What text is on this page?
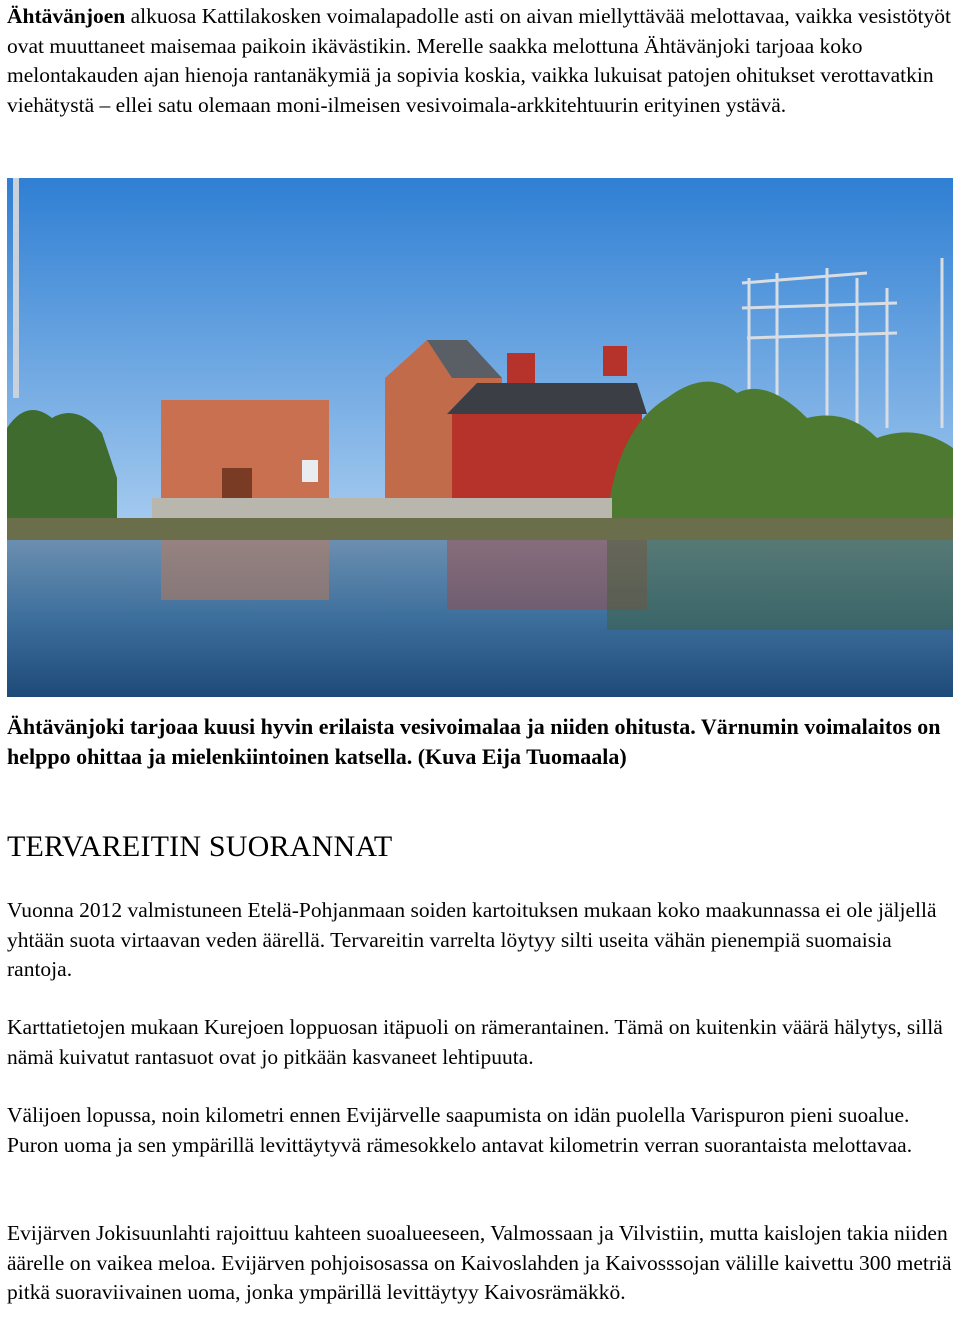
Ähtävänjoen alkuosa Kattilakosken voimalapadolle asti on aivan miellyttävää melottavaa, vaikka vesistötyöt ovat muuttaneet maisemaa paikoin ikävästikin. Merelle saakka melottuna Ähtävänjoki tarjoaa koko melontakauden ajan hienoja rantanäkymiä ja sopivia koskia, vaikka lukuisat patojen ohitukset verottavatkin viehätystä – ellei satu olemaan moni-ilmeisen vesivoimala-arkkitehtuurin erityinen ystävä.
Ähtävänjoki tarjoaa kuusi hyvin erilaista vesivoimalaa ja niiden ohitusta. Värnumin voimalaitos on helppo ohittaa ja mielenkiintoinen katsella. (Kuva Eija Tuomaala)
TERVAREITIN SUORANNAT
Vuonna 2012 valmistuneen Etelä-Pohjanmaan soiden kartoituksen mukaan koko maakunnassa ei ole jäljellä yhtään suota virtaavan veden äärellä. Tervareitin varrelta löytyy silti useita vähän pienempiä suomaisia rantoja.
Karttatietojen mukaan Kurejoen loppuosan itäpuoli on rämerantainen. Tämä on kuitenkin väärä hälytys, sillä nämä kuivatut rantasuot ovat jo pitkään kasvaneet lehtipuuta.
Välijoen lopussa, noin kilometri ennen Evijärvelle saapumista on idän puolella Varispuron pieni suoalue. Puron uoma ja sen ympärillä levittäytyvä rämesokkelo antavat kilometrin verran suorantaista melottavaa.
Evijärven Jokisuunlahti rajoittuu kahteen suoalueeseen, Valmossaan ja Vilvistiin, mutta kaislojen takia niiden äärelle on vaikea meloa. Evijärven pohjoisosassa on Kaivoslahden ja Kaivosssojan välille kaivettu 300 metriä pitkä suoraviivainen uoma, jonka ympärillä levittäytyy Kaivosrämäkkö.
